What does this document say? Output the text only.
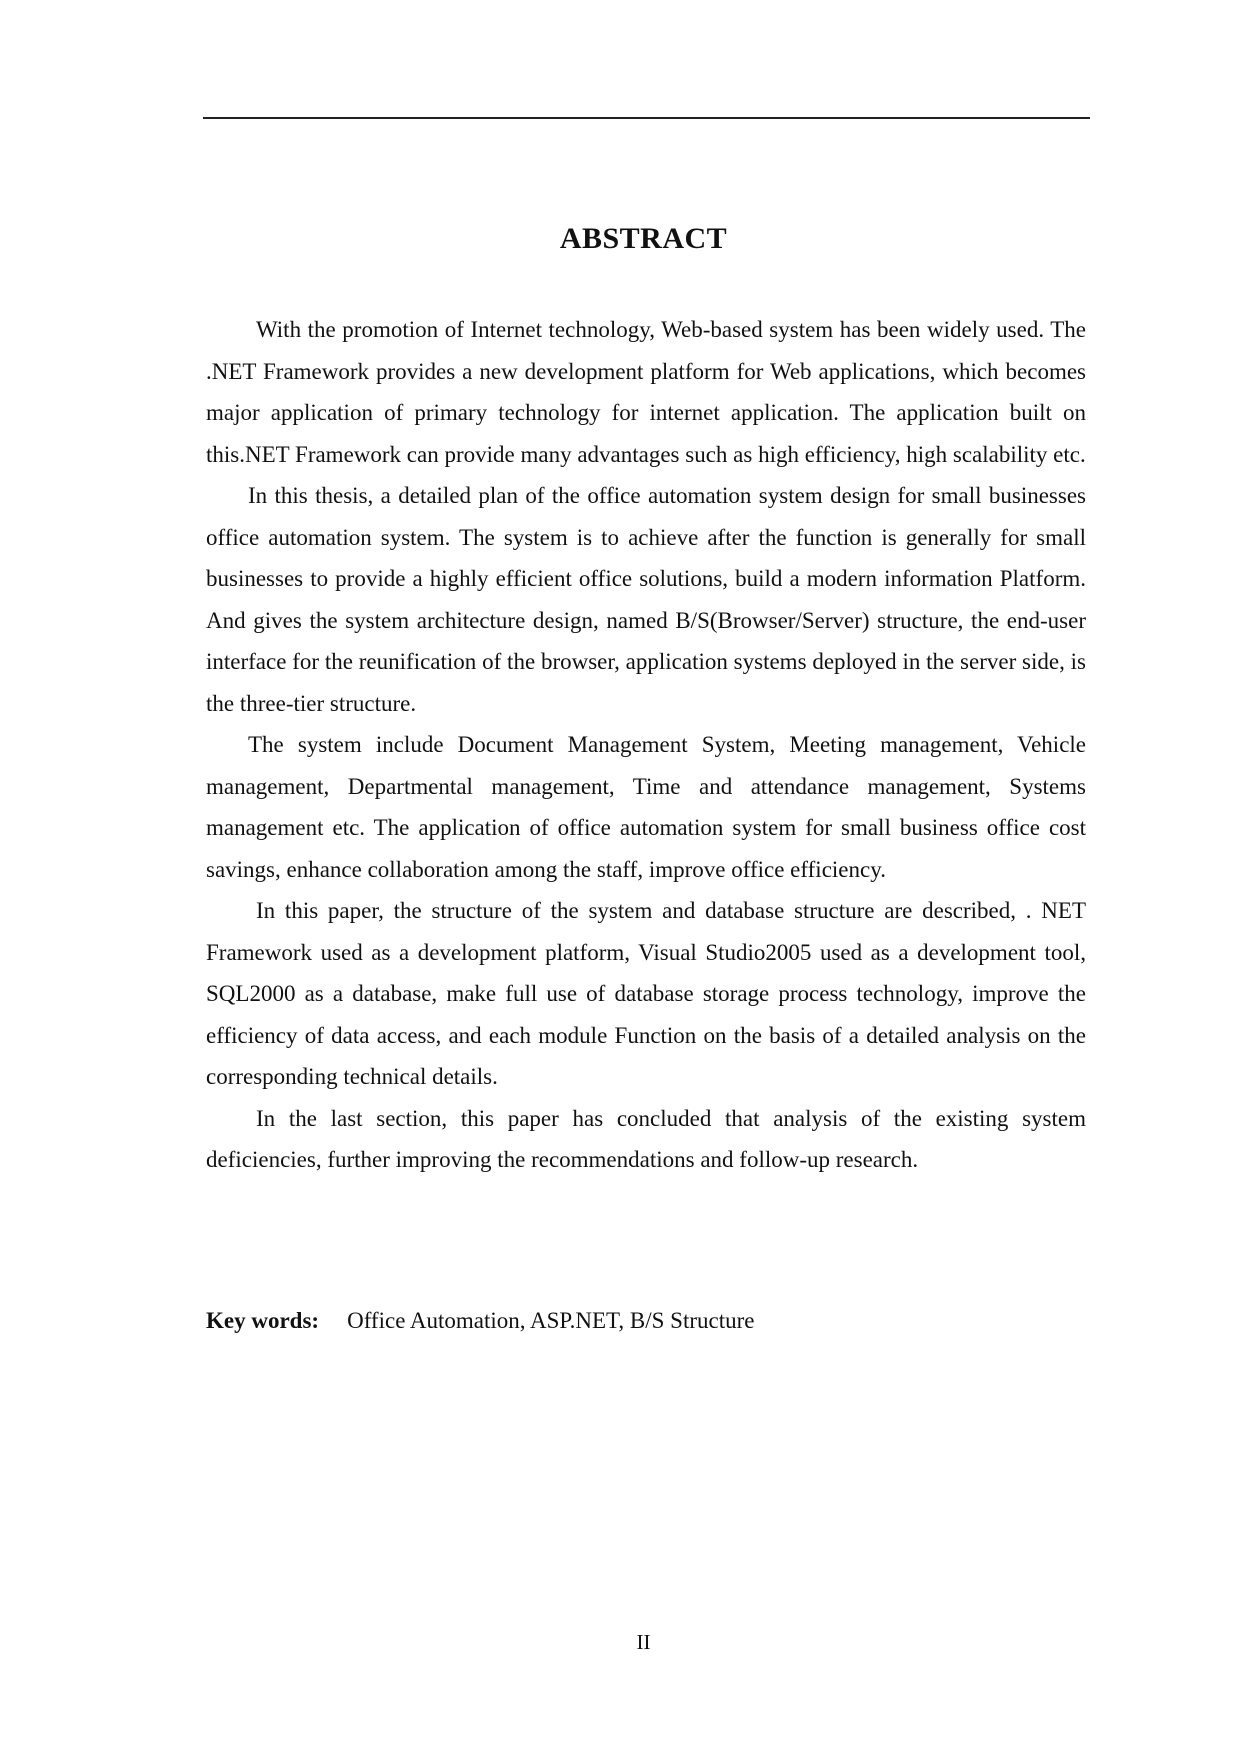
ABSTRACT

With the promotion of Internet technology, Web-based system has been widely used. The .NET Framework provides a new development platform for Web applications, which becomes major application of primary technology for internet application. The application built on this.NET Framework can provide many advantages such as high efficiency, high scalability etc.

In this thesis, a detailed plan of the office automation system design for small businesses office automation system. The system is to achieve after the function is generally for small businesses to provide a highly efficient office solutions, build a modern information Platform. And gives the system architecture design, named B/S(Browser/Server) structure, the end-user interface for the reunification of the browser, application systems deployed in the server side, is the three-tier structure.

The system include Document Management System, Meeting management, Vehicle management, Departmental management, Time and attendance management, Systems management etc. The application of office automation system for small business office cost savings, enhance collaboration among the staff, improve office efficiency.

In this paper, the structure of the system and database structure are described, . NET Framework used as a development platform, Visual Studio2005 used as a development tool, SQL2000 as a database, make full use of database storage process technology, improve the efficiency of data access, and each module Function on the basis of a detailed analysis on the corresponding technical details.

In the last section, this paper has concluded that analysis of the existing system deficiencies, further improving the recommendations and follow-up research.

Key words: Office Automation, ASP.NET, B/S Structure
II
